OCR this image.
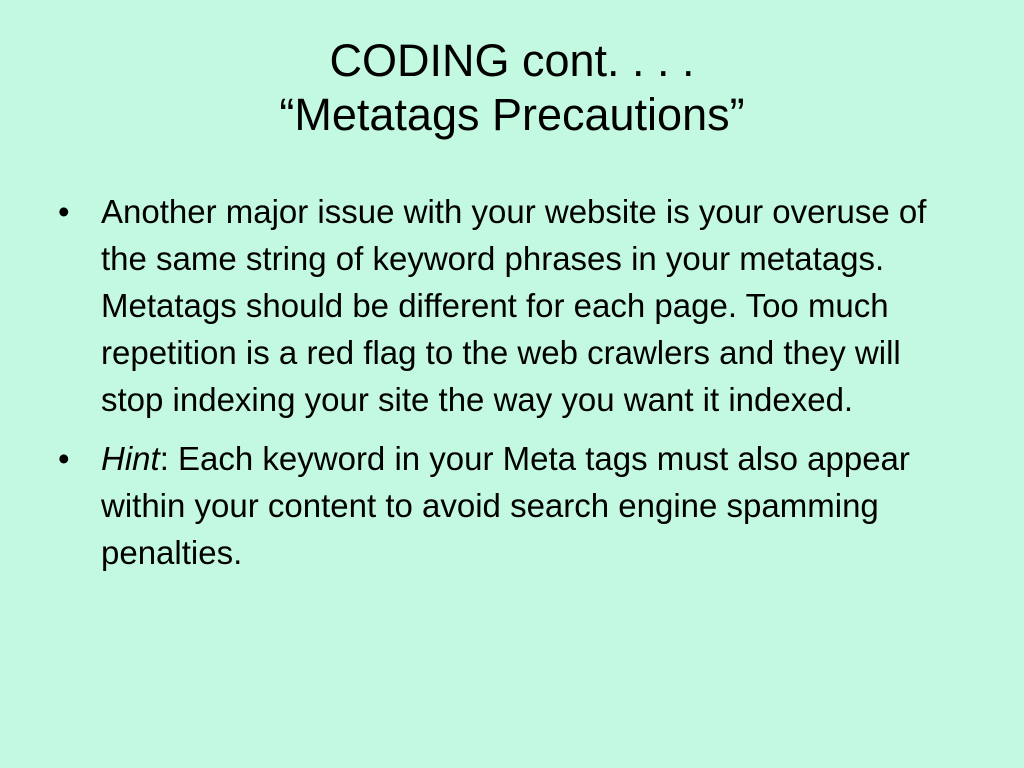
CODING cont. . . .
“Metatags Precautions”
• Another major issue with your website is your overuse of the same string of keyword phrases in your metatags. Metatags should be different for each page. Too much repetition is a red flag to the web crawlers and they will stop indexing your site the way you want it indexed.
• Hint: Each keyword in your Meta tags must also appear within your content to avoid search engine spamming penalties.
